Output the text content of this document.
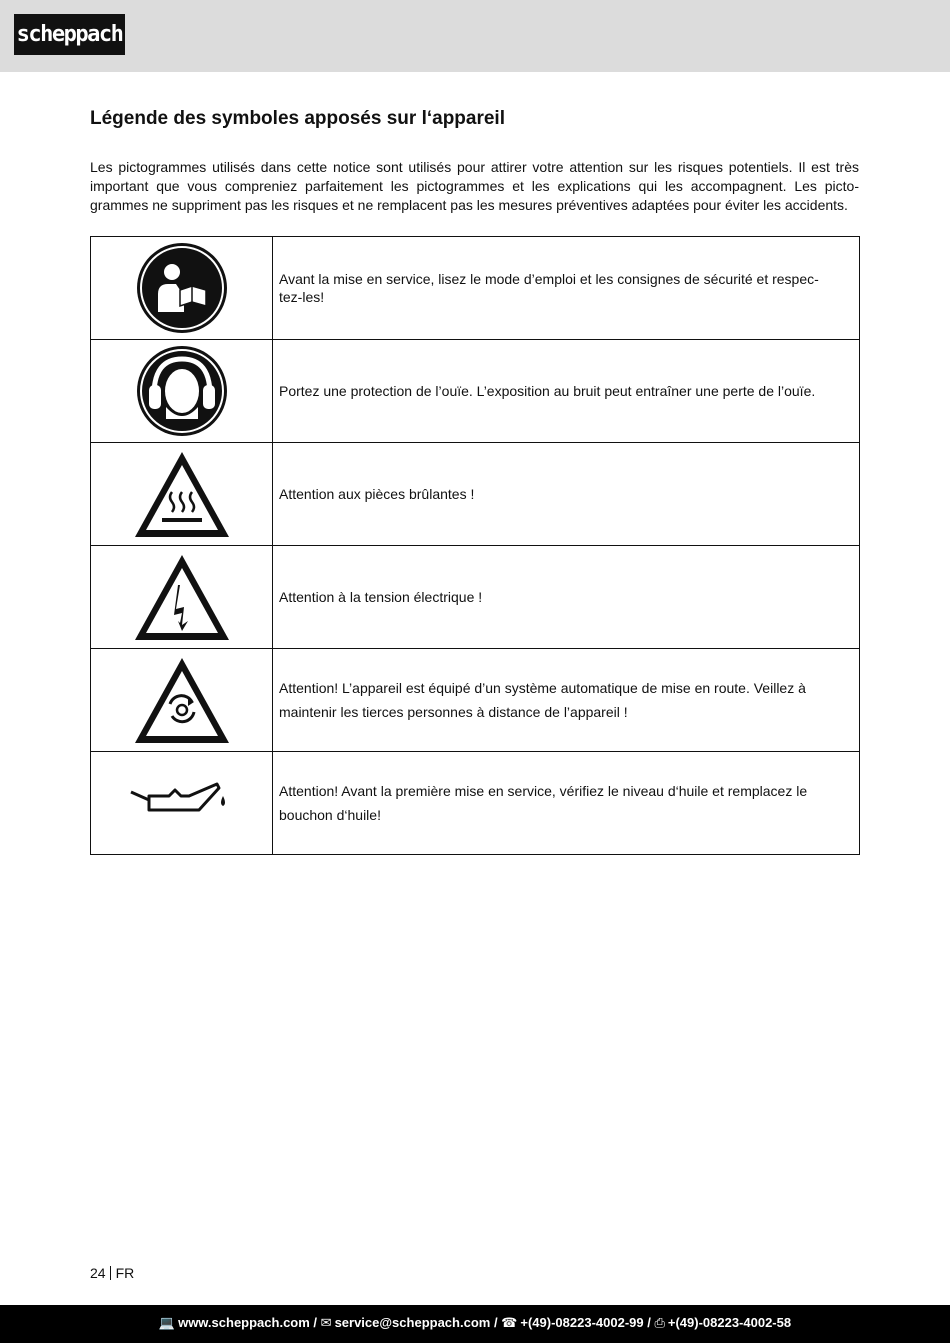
scheppach
Légende des symboles apposés sur l‘appareil

Les pictogrammes utilisés dans cette notice sont utilisés pour attirer votre attention sur les risques potentiels. Il est très important que vous compreniez parfaitement les pictogrammes et les explications qui les accompagnent. Les picto-grammes ne suppriment pas les risques et ne remplacent pas les mesures préventives adaptées pour éviter les accidents.

	Avant la mise en service, lisez le mode d’emploi et les consignes de sécurité et respec-tez-les!

	Portez une protection de l’ouïe. L’exposition au bruit peut entraîner une perte de l’ouïe.

	Attention aux pièces brûlantes !

	Attention à la tension électrique !

	Attention! L’appareil est équipé d’un système automatique de mise en route. Veillez à maintenir les tierces personnes à distance de l’appareil !

	Attention! Avant la première mise en service, vérifiez le niveau d‘huile et remplacez le bouchon d‘huile!
24 FR
💻 www.scheppach.com / ✉ service@scheppach.com / ☎ +(49)-08223-4002-99 / ⎙ +(49)-08223-4002-58
